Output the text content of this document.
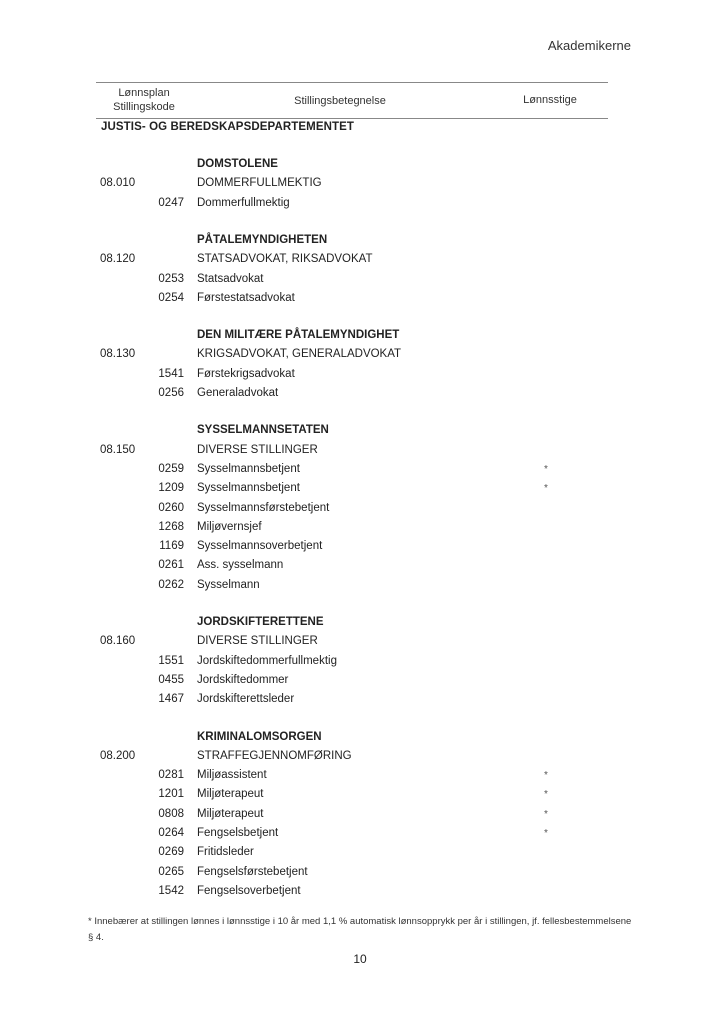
Akademikerne
Lønnsplan
Stillingskode	Stillingsbetegnelse	Lønnsstige
JUSTIS- OG BEREDSKAPSDEPARTEMENTET
DOMSTOLENE
08.010	DOMMERFULLMEKTIG
0247 Dommerfullmektig
PÅTALEMYNDIGHETEN
08.120	STATSADVOKAT, RIKSADVOKAT
0253 Statsadvokat
0254 Førstestatsadvokat
DEN MILITÆRE PÅTALEMYNDIGHET
08.130	KRIGSADVOKAT, GENERALADVOKAT
1541 Førstekrigsadvokat
0256 Generaladvokat
SYSSELMANNSETATEN
08.150	DIVERSE STILLINGER
0259 Sysselmannsbetjent	*
1209 Sysselmannsbetjent	*
0260 Sysselmannsførstebetjent
1268 Miljøvernsjef
1169 Sysselmannsoverbetjent
0261 Ass. sysselmann
0262 Sysselmann
JORDSKIFTERETTENE
08.160	DIVERSE STILLINGER
1551 Jordskiftedommerfullmektig
0455 Jordskiftedommer
1467 Jordskifterettsleder
KRIMINALOMSORGEN
08.200	STRAFFEGJENNOMFØRING
0281 Miljøassistent	*
1201 Miljøterapeut	*
0808 Miljøterapeut	*
0264 Fengselsbetjent	*
0269 Fritidsleder
0265 Fengselsførstebetjent
1542 Fengselsoverbetjent
* Innebærer at stillingen lønnes i lønnsstige i 10 år med 1,1 % automatisk lønnsopprykk per år i stillingen, jf. fellesbestemmelsene § 4.
10
